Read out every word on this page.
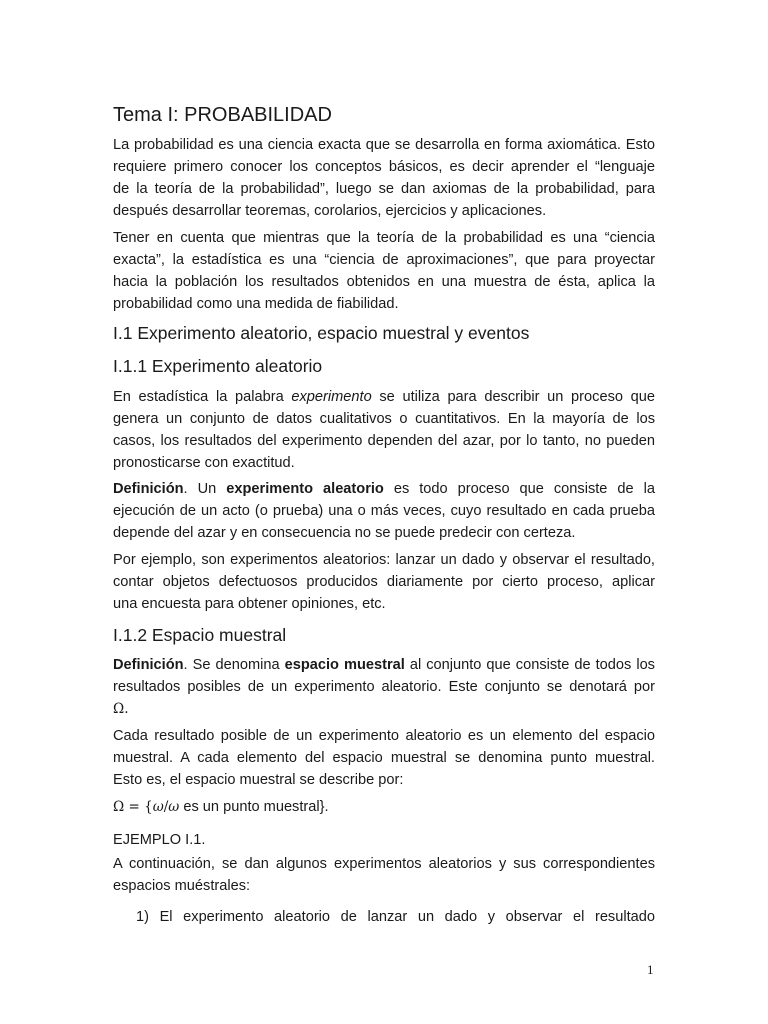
Tema I: PROBABILIDAD
La probabilidad es una ciencia exacta que se desarrolla en forma axiomática. Esto
requiere primero conocer los conceptos básicos, es decir aprender el “lenguaje
de la teoría de la probabilidad”, luego se dan axiomas de la probabilidad, para
después desarrollar teoremas, corolarios, ejercicios y aplicaciones.
Tener en cuenta que mientras que la teoría de la probabilidad es una “ciencia
exacta”, la estadística es una “ciencia de aproximaciones”, que para proyectar
hacia la población los resultados obtenidos en una muestra de ésta, aplica la
probabilidad como una medida de fiabilidad.
I.1 Experimento aleatorio, espacio muestral y eventos
I.1.1 Experimento aleatorio
En estadística la palabra experimento se utiliza para describir un proceso que
genera un conjunto de datos cualitativos o cuantitativos. En la mayoría de los
casos, los resultados del experimento dependen del azar, por lo tanto, no pueden
pronosticarse con exactitud.
Definición. Un experimento aleatorio es todo proceso que consiste de la
ejecución de un acto (o prueba) una o más veces, cuyo resultado en cada prueba
depende del azar y en consecuencia no se puede predecir con certeza.
Por ejemplo, son experimentos aleatorios: lanzar un dado y observar el resultado,
contar objetos defectuosos producidos diariamente por cierto proceso, aplicar
una encuesta para obtener opiniones, etc.
I.1.2 Espacio muestral
Definición. Se denomina espacio muestral al conjunto que consiste de todos los
resultados posibles de un experimento aleatorio. Este conjunto se denotará por
Ω.
Cada resultado posible de un experimento aleatorio es un elemento del espacio
muestral. A cada elemento del espacio muestral se denomina punto muestral.
Esto es, el espacio muestral se describe por:
Ω = {ω/ω es un punto muestral}.
EJEMPLO I.1.
A continuación, se dan algunos experimentos aleatorios y sus correspondientes
espacios muéstrales:
1) El experimento aleatorio de lanzar un dado y observar el resultado
1
